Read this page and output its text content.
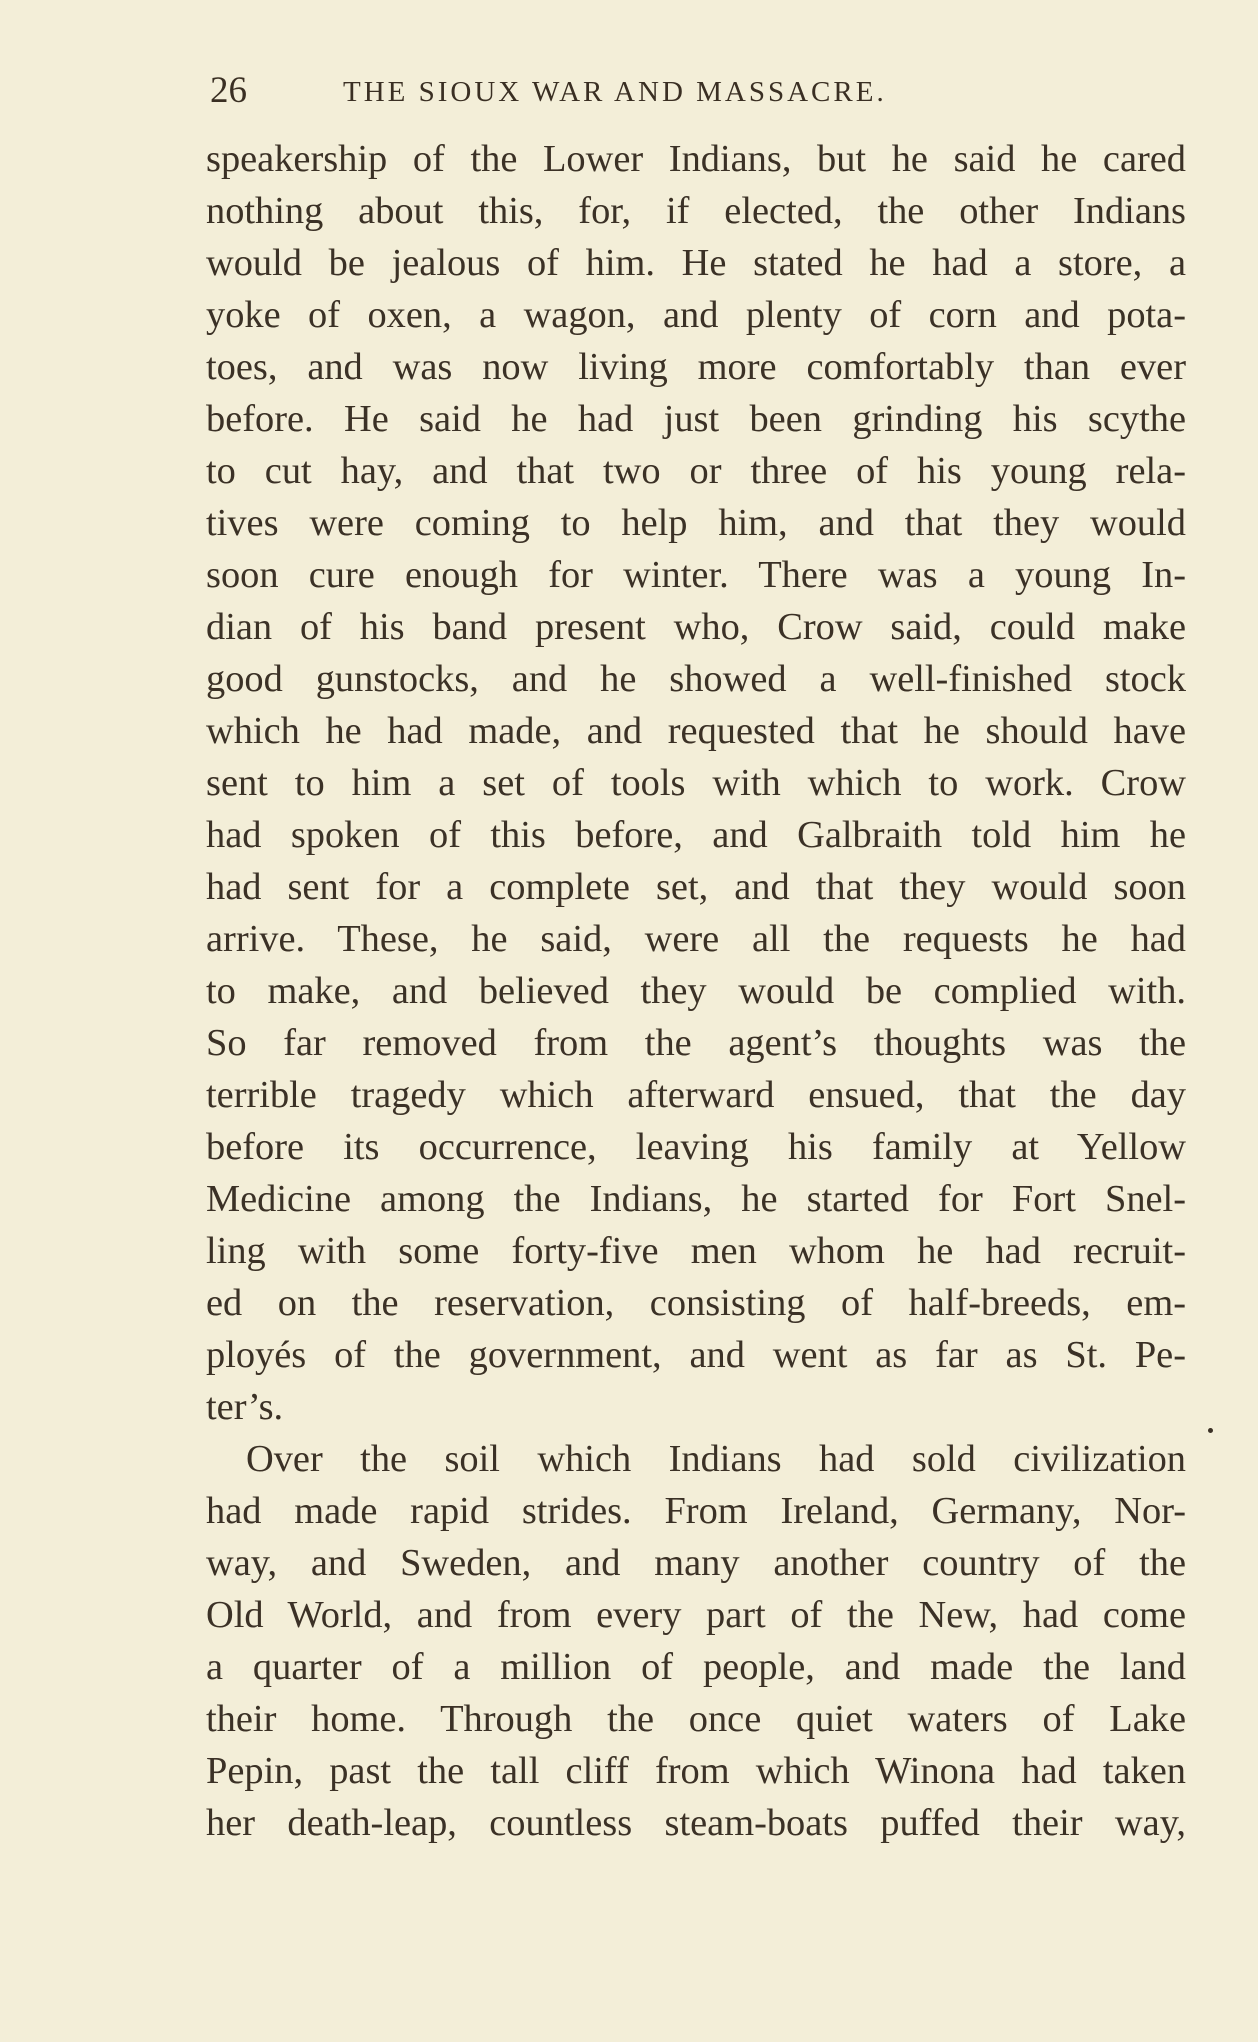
26	THE SIOUX WAR AND MASSACRE.
speakership of the Lower Indians, but he said he cared
nothing about this, for, if elected, the other Indians
would be jealous of him. He stated he had a store, a
yoke of oxen, a wagon, and plenty of corn and pota-
toes, and was now living more comfortably than ever
before. He said he had just been grinding his scythe
to cut hay, and that two or three of his young rela-
tives were coming to help him, and that they would
soon cure enough for winter. There was a young In-
dian of his band present who, Crow said, could make
good gunstocks, and he showed a well-finished stock
which he had made, and requested that he should have
sent to him a set of tools with which to work. Crow
had spoken of this before, and Galbraith told him he
had sent for a complete set, and that they would soon
arrive. These, he said, were all the requests he had
to make, and believed they would be complied with.
So far removed from the agent’s thoughts was the
terrible tragedy which afterward ensued, that the day
before its occurrence, leaving his family at Yellow
Medicine among the Indians, he started for Fort Snel-
ling with some forty-five men whom he had recruit-
ed on the reservation, consisting of half-breeds, em-
ployés of the government, and went as far as St. Pe-
ter’s.
Over the soil which Indians had sold civilization
had made rapid strides. From Ireland, Germany, Nor-
way, and Sweden, and many another country of the
Old World, and from every part of the New, had come
a quarter of a million of people, and made the land
their home. Through the once quiet waters of Lake
Pepin, past the tall cliff from which Winona had taken
her death-leap, countless steam-boats puffed their way,
